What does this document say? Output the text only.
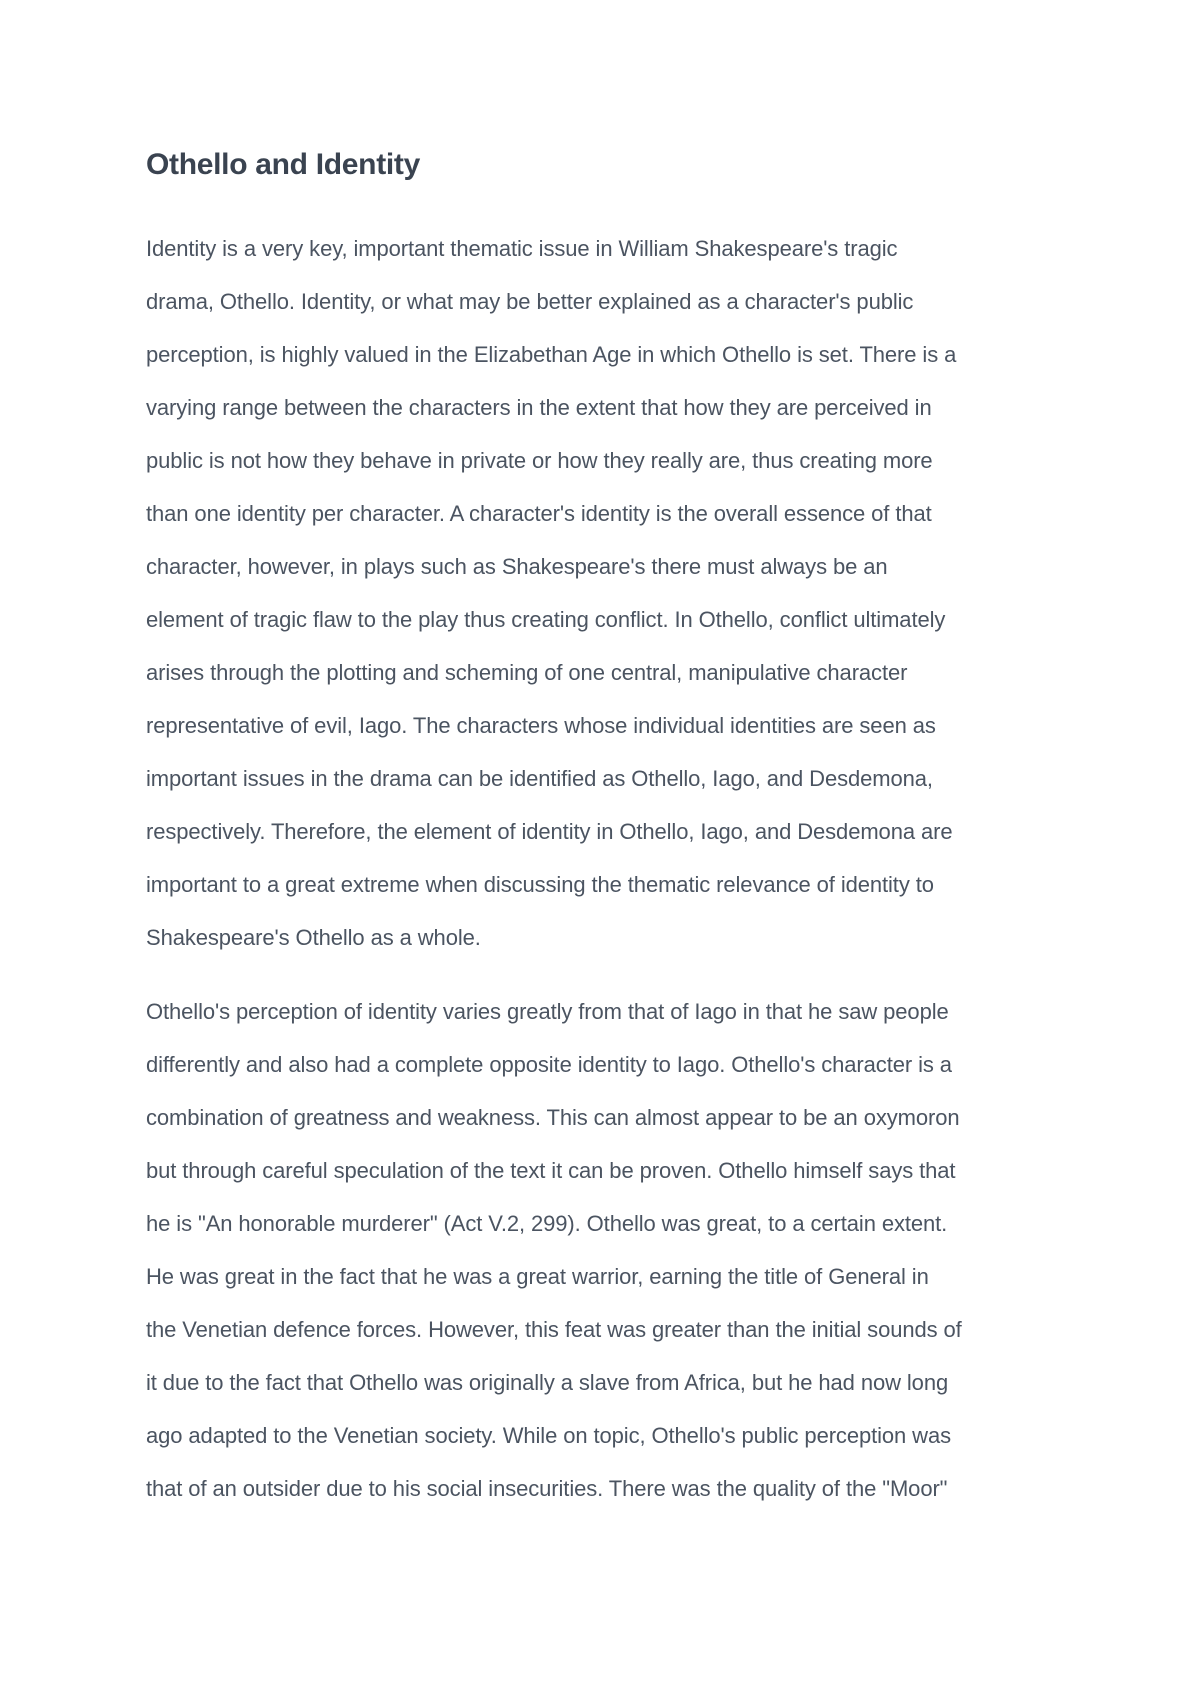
Othello and Identity

Identity is a very key, important thematic issue in William Shakespeare's tragic
drama, Othello. Identity, or what may be better explained as a character's public
perception, is highly valued in the Elizabethan Age in which Othello is set. There is a
varying range between the characters in the extent that how they are perceived in
public is not how they behave in private or how they really are, thus creating more
than one identity per character. A character's identity is the overall essence of that
character, however, in plays such as Shakespeare's there must always be an
element of tragic flaw to the play thus creating conflict. In Othello, conflict ultimately
arises through the plotting and scheming of one central, manipulative character
representative of evil, Iago. The characters whose individual identities are seen as
important issues in the drama can be identified as Othello, Iago, and Desdemona,
respectively. Therefore, the element of identity in Othello, Iago, and Desdemona are
important to a great extreme when discussing the thematic relevance of identity to
Shakespeare's Othello as a whole.

Othello's perception of identity varies greatly from that of Iago in that he saw people
differently and also had a complete opposite identity to Iago. Othello's character is a
combination of greatness and weakness. This can almost appear to be an oxymoron
but through careful speculation of the text it can be proven. Othello himself says that
he is "An honorable murderer" (Act V.2, 299). Othello was great, to a certain extent.
He was great in the fact that he was a great warrior, earning the title of General in
the Venetian defence forces. However, this feat was greater than the initial sounds of
it due to the fact that Othello was originally a slave from Africa, but he had now long
ago adapted to the Venetian society. While on topic, Othello's public perception was
that of an outsider due to his social insecurities. There was the quality of the "Moor"
